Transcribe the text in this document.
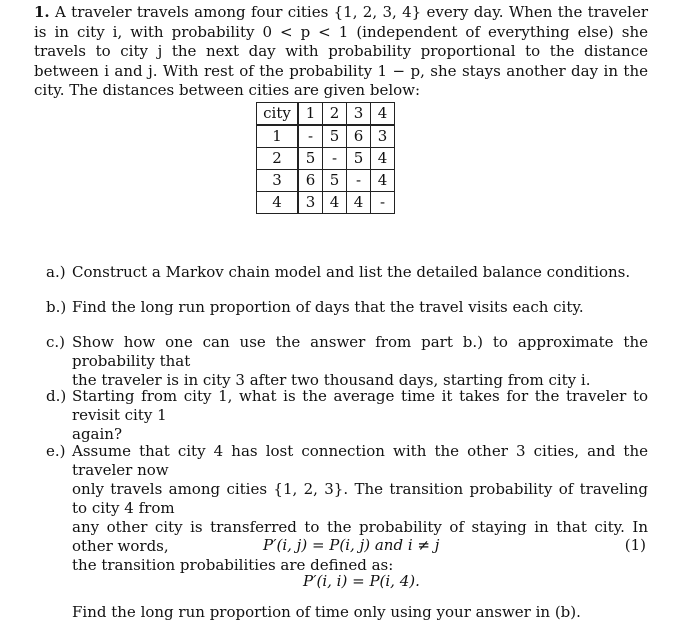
1. A traveler travels among four cities {1, 2, 3, 4} every day. When the traveler is in city i, with probability 0 < p < 1 (independent of everything else) she travels to city j the next day with probability proportional to the distance between i and j. With rest of the probability 1 − p, she stays another day in the city. The distances between cities are given below:
city	1	2	3	4
1	-	5	6	3
2	5	-	5	4
3	6	5	-	4
4	3	4	4	-
a.) Construct a Markov chain model and list the detailed balance conditions.
b.) Find the long run proportion of days that the travel visits each city.
c.) Show how one can use the answer from part b.) to approximate the probability that
the traveler is in city 3 after two thousand days, starting from city i.
d.) Starting from city 1, what is the average time it takes for the traveler to revisit city 1
again?
e.) Assume that city 4 has lost connection with the other 3 cities, and the traveler now
only travels among cities {1, 2, 3}. The transition probability of traveling to city 4 from
any other city is transferred to the probability of staying in that city. In other words,
the transition probabilities are defined as:
P′(i, j) = P(i, j) and i ≠ j	(1)
P′(i, i) = P(i, 4).
Find the long run proportion of time only using your answer in (b).
